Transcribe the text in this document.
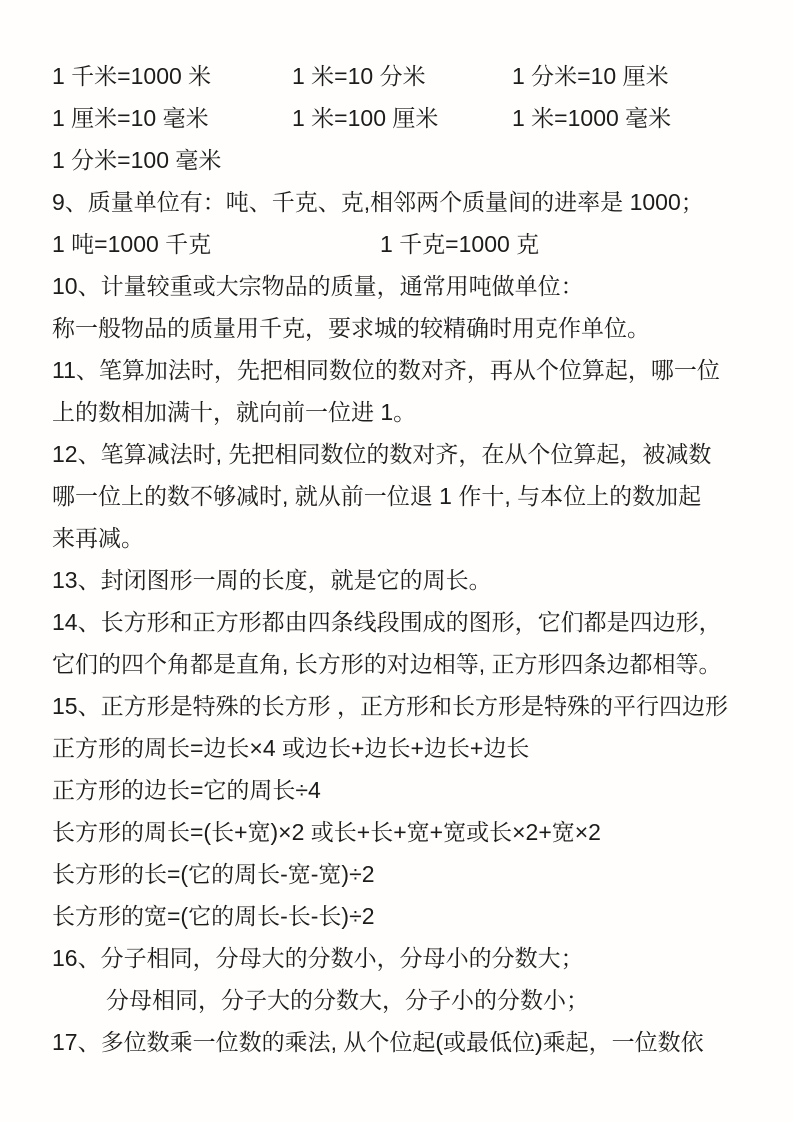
1 千米=1000 米	1 米=10 分米	1 分米=10 厘米

1 厘米=10 毫米	1 米=100 厘米	1 米=1000 毫米

1 分米=100 毫米

9、质量单位有：吨、千克、克,相邻两个质量间的进率是 1000；

1 吨=1000 千克	1 千克=1000 克

10、计量较重或大宗物品的质量，通常用吨做单位：

称一般物品的质量用千克，要求城的较精确时用克作单位。

11、笔算加法时，先把相同数位的数对齐，再从个位算起，哪一位

上的数相加满十，就向前一位进 1。

12、笔算减法时, 先把相同数位的数对齐，在从个位算起，被减数

哪一位上的数不够减时, 就从前一位退 1 作十, 与本位上的数加起

来再减。

13、封闭图形一周的长度，就是它的周长。

14、长方形和正方形都由四条线段围成的图形，它们都是四边形，

它们的四个角都是直角, 长方形的对边相等, 正方形四条边都相等。

15、正方形是特殊的长方形 ，正方形和长方形是特殊的平行四边形

正方形的周长=边长×4 或边长+边长+边长+边长

正方形的边长=它的周长÷4

长方形的周长=(长+宽)×2 或长+长+宽+宽或长×2+宽×2

长方形的长=(它的周长-宽-宽)÷2

长方形的宽=(它的周长-长-长)÷2

16、分子相同，分母大的分数小，分母小的分数大；

分母相同，分子大的分数大，分子小的分数小；

17、多位数乘一位数的乘法, 从个位起(或最低位)乘起，一位数依
